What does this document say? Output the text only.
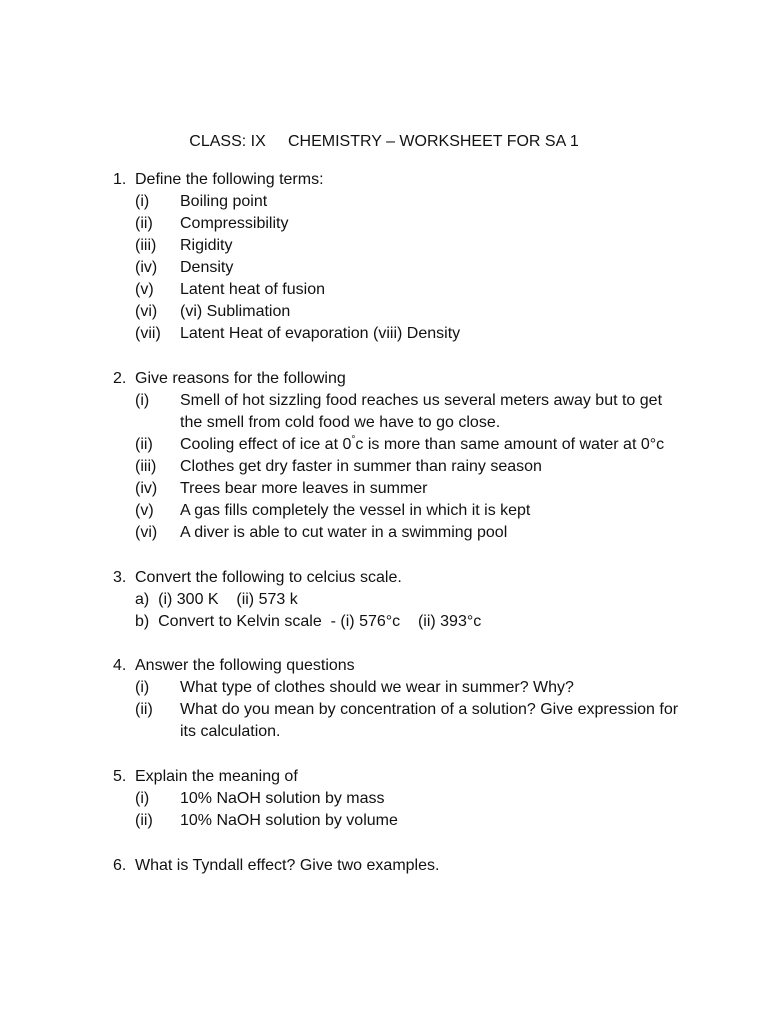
CLASS: IX     CHEMISTRY – WORKSHEET FOR SA 1
1. Define the following terms:
(i)	Boiling point
(ii)	Compressibility
(iii)	Rigidity
(iv)	Density
(v)	Latent heat of fusion
(vi)	(vi) Sublimation
(vii)	Latent Heat of evaporation (viii) Density
2. Give reasons for the following
(i)	Smell of hot sizzling food reaches us several meters away but to get the smell from cold food we have to go close.
(ii)	Cooling effect of ice at 0°c is more than same amount of water at 0°c
(iii)	Clothes get dry faster in summer than rainy season
(iv)	Trees bear more leaves in summer
(v)	A gas fills completely the vessel in which it is kept
(vi)	A diver is able to cut water in a swimming pool
3. Convert the following to celcius scale.
a)  (i) 300 K    (ii) 573 k
b)  Convert to Kelvin scale  - (i) 576°c    (ii) 393°c
4. Answer the following questions
(i)	What type of clothes should we wear in summer? Why?
(ii)	What do you mean by concentration of a solution? Give expression for its calculation.
5. Explain the meaning of
(i)	10% NaOH solution by mass
(ii)	10% NaOH solution by volume
6. What is Tyndall effect? Give two examples.
